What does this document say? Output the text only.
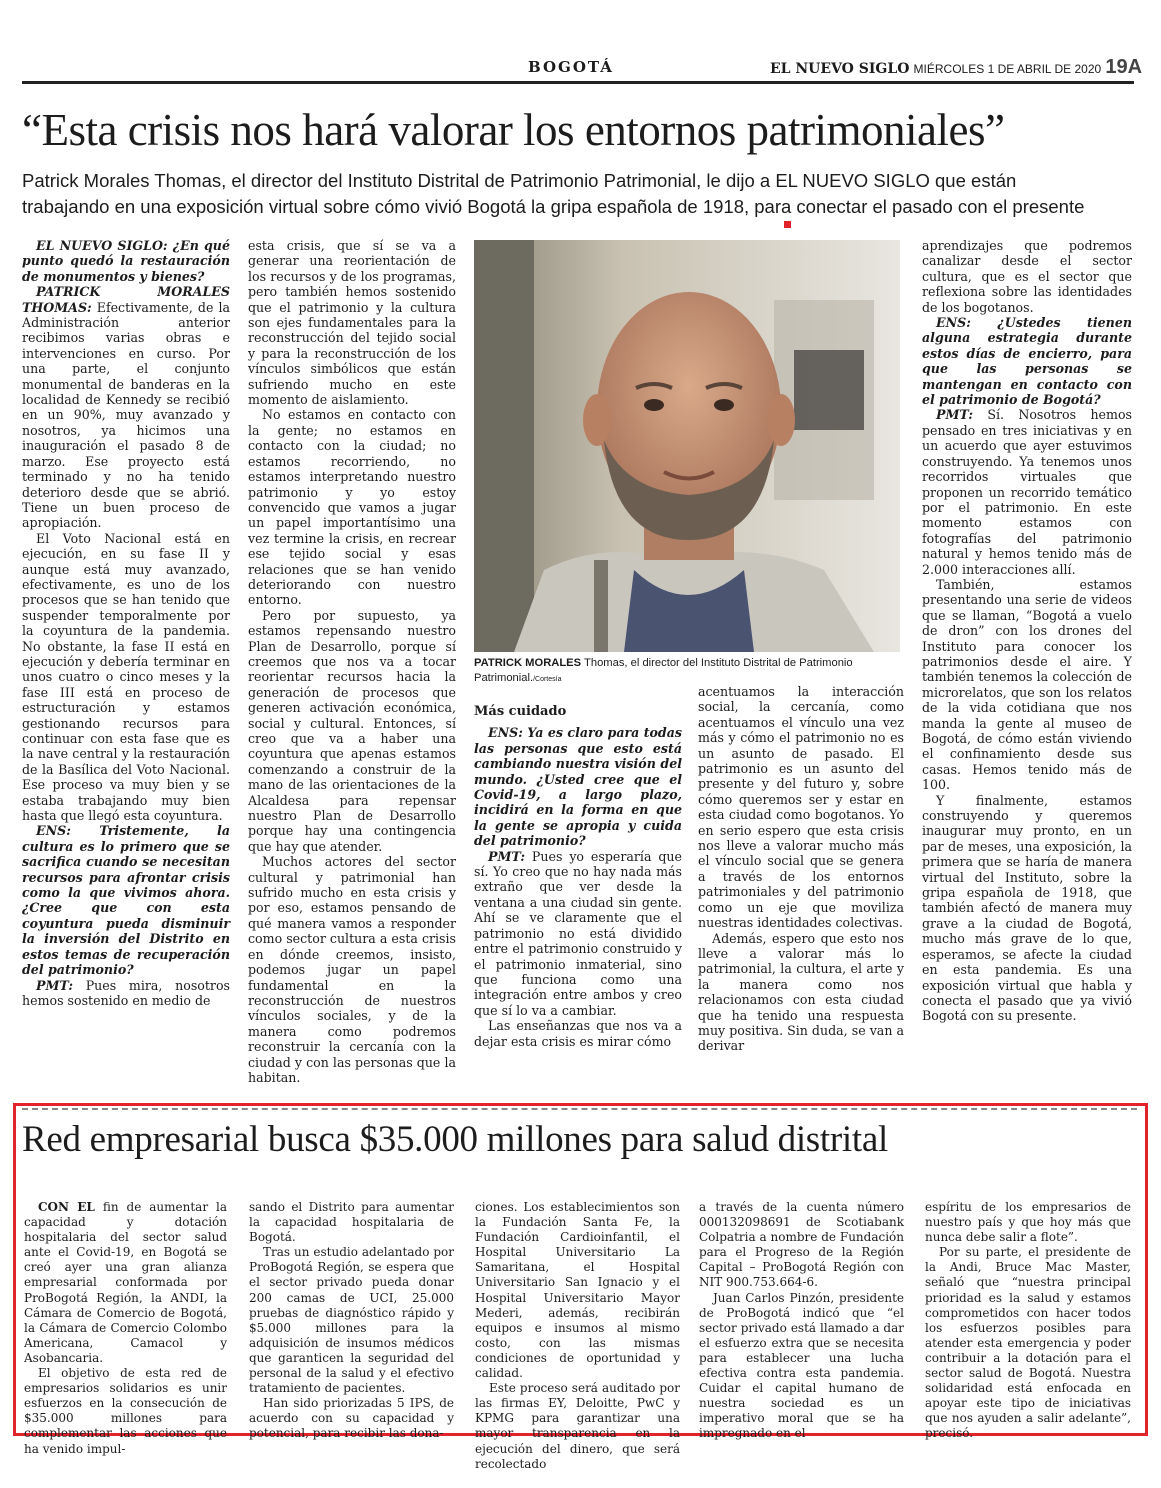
BOGOTÁ	EL NUEVO SIGLO MIÉRCOLES 1 DE ABRIL DE 2020 19A
“Esta crisis nos hará valorar los entornos patrimoniales”
Patrick Morales Thomas, el director del Instituto Distrital de Patrimonio Patrimonial, le dijo a EL NUEVO SIGLO que están
trabajando en una exposición virtual sobre cómo vivió Bogotá la gripa española de 1918, para conectar el pasado con el presente

EL NUEVO SIGLO: ¿En qué punto quedó la restauración de monumentos y bienes?

PATRICK MORALES THOMAS: Efectivamente, de la Administración anterior recibimos varias obras e intervenciones en curso. Por una parte, el conjunto monumental de banderas en la localidad de Kennedy se recibió en un 90%, muy avanzado y nosotros, ya hicimos una inauguración el pasado 8 de marzo. Ese proyecto está terminado y no ha tenido deterioro desde que se abrió. Tiene un buen proceso de apropiación.

El Voto Nacional está en ejecución, en su fase II y aunque está muy avanzado, efectivamente, es uno de los procesos que se han tenido que suspender temporalmente por la coyuntura de la pandemia. No obstante, la fase II está en ejecución y debería terminar en unos cuatro o cinco meses y la fase III está en proceso de estructuración y estamos gestionando recursos para continuar con esta fase que es la nave central y la restauración de la Basílica del Voto Nacional. Ese proceso va muy bien y se estaba trabajando muy bien hasta que llegó esta coyuntura.

ENS: Tristemente, la cultura es lo primero que se sacrifica cuando se necesitan recursos para afrontar crisis como la que vivimos ahora. ¿Cree que con esta coyuntura pueda disminuir la inversión del Distrito en estos temas de recuperación del patrimonio?

PMT: Pues mira, nosotros hemos sostenido en medio de

esta crisis, que sí se va a generar una reorientación de los recursos y de los programas, pero también hemos sostenido que el patrimonio y la cultura son ejes fundamentales para la reconstrucción del tejido social y para la reconstrucción de los vínculos simbólicos que están sufriendo mucho en este momento de aislamiento.

No estamos en contacto con la gente; no estamos en contacto con la ciudad; no estamos recorriendo, no estamos interpretando nuestro patrimonio y yo estoy convencido que vamos a jugar un papel importantísimo una vez termine la crisis, en recrear ese tejido social y esas relaciones que se han venido deteriorando con nuestro entorno.

Pero por supuesto, ya estamos repensando nuestro Plan de Desarrollo, porque sí creemos que nos va a tocar reorientar recursos hacia la generación de procesos que generen activación económica, social y cultural. Entonces, sí creo que va a haber una coyuntura que apenas estamos comenzando a construir de la mano de las orientaciones de la Alcaldesa para repensar nuestro Plan de Desarrollo porque hay una contingencia que hay que atender.

Muchos actores del sector cultural y patrimonial han sufrido mucho en esta crisis y por eso, estamos pensando de qué manera vamos a responder como sector cultura a esta crisis en dónde creemos, insisto, podemos jugar un papel fundamental en la reconstrucción de nuestros vínculos sociales, y de la manera como podremos reconstruir la cercanía con la ciudad y con las personas que la habitan.

PATRICK MORALES Thomas, el director del Instituto Distrital de Patrimonio Patrimonial./Cortesía
Más cuidado

ENS: Ya es claro para todas las personas que esto está cambiando nuestra visión del mundo. ¿Usted cree que el Covid-19, a largo plazo, incidirá en la forma en que la gente se apropia y cuida del patrimonio?

PMT: Pues yo esperaría que sí. Yo creo que no hay nada más extraño que ver desde la ventana a una ciudad sin gente. Ahí se ve claramente que el patrimonio no está dividido entre el patrimonio construido y el patrimonio inmaterial, sino que funciona como una integración entre ambos y creo que sí lo va a cambiar.

Las enseñanzas que nos va a dejar esta crisis es mirar cómo

acentuamos la interacción social, la cercanía, como acentuamos el vínculo una vez más y cómo el patrimonio no es un asunto de pasado. El patrimonio es un asunto del presente y del futuro y, sobre cómo queremos ser y estar en esta ciudad como bogotanos. Yo en serio espero que esta crisis nos lleve a valorar mucho más el vínculo social que se genera a través de los entornos patrimoniales y del patrimonio como un eje que moviliza nuestras identidades colectivas.

Además, espero que esto nos lleve a valorar más lo patrimonial, la cultura, el arte y la manera como nos relacionamos con esta ciudad que ha tenido una respuesta muy positiva. Sin duda, se van a derivar

aprendizajes que podremos canalizar desde el sector cultura, que es el sector que reflexiona sobre las identidades de los bogotanos.

ENS: ¿Ustedes tienen alguna estrategia durante estos días de encierro, para que las personas se mantengan en contacto con el patrimonio de Bogotá?

PMT: Sí. Nosotros hemos pensado en tres iniciativas y en un acuerdo que ayer estuvimos construyendo. Ya tenemos unos recorridos virtuales que proponen un recorrido temático por el patrimonio. En este momento estamos con fotografías del patrimonio natural y hemos tenido más de 2.000 interacciones allí.

También, estamos presentando una serie de videos que se llaman, “Bogotá a vuelo de dron” con los drones del Instituto para conocer los patrimonios desde el aire. Y también tenemos la colección de microrelatos, que son los relatos de la vida cotidiana que nos manda la gente al museo de Bogotá, de cómo están viviendo el confinamiento desde sus casas. Hemos tenido más de 100.

Y finalmente, estamos construyendo y queremos inaugurar muy pronto, en un par de meses, una exposición, la primera que se haría de manera virtual del Instituto, sobre la gripa española de 1918, que también afectó de manera muy grave a la ciudad de Bogotá, mucho más grave de lo que, esperamos, se afecte la ciudad en esta pandemia. Es una exposición virtual que habla y conecta el pasado que ya vivió Bogotá con su presente.

Red empresarial busca $35.000 millones para salud distrital

CON EL fin de aumentar la capacidad y dotación hospitalaria del sector salud ante el Covid-19, en Bogotá se creó ayer una gran alianza empresarial conformada por ProBogotá Región, la ANDI, la Cámara de Comercio de Bogotá, la Cámara de Comercio Colombo Americana, Camacol y Asobancaria.

El objetivo de esta red de empresarios solidarios es unir esfuerzos en la consecución de $35.000 millones para complementar las acciones que ha venido impul-

sando el Distrito para aumentar la capacidad hospitalaria de Bogotá.

Tras un estudio adelantado por ProBogotá Región, se espera que el sector privado pueda donar 200 camas de UCI, 25.000 pruebas de diagnóstico rápido y $5.000 millones para la adquisición de insumos médicos que garanticen la seguridad del personal de la salud y el efectivo tratamiento de pacientes.

Han sido priorizadas 5 IPS, de acuerdo con su capacidad y potencial, para recibir las dona-

ciones. Los establecimientos son la Fundación Santa Fe, la Fundación Cardioinfantil, el Hospital Universitario La Samaritana, el Hospital Universitario San Ignacio y el Hospital Universitario Mayor Mederi, además, recibirán equipos e insumos al mismo costo, con las mismas condiciones de oportunidad y calidad.

Este proceso será auditado por las firmas EY, Deloitte, PwC y KPMG para garantizar una mayor transparencia en la ejecución del dinero, que será recolectado

a través de la cuenta número 000132098691 de Scotiabank Colpatria a nombre de Fundación para el Progreso de la Región Capital – ProBogotá Región con NIT 900.753.664-6.

Juan Carlos Pinzón, presidente de ProBogotá indicó que “el sector privado está llamado a dar el esfuerzo extra que se necesita para establecer una lucha efectiva contra esta pandemia. Cuidar el capital humano de nuestra sociedad es un imperativo moral que se ha impregnado en el

espíritu de los empresarios de nuestro país y que hoy más que nunca debe salir a flote”.

Por su parte, el presidente de la Andi, Bruce Mac Master, señaló que “nuestra principal prioridad es la salud y estamos comprometidos con hacer todos los esfuerzos posibles para atender esta emergencia y poder contribuir a la dotación para el sector salud de Bogotá. Nuestra solidaridad está enfocada en apoyar este tipo de iniciativas que nos ayuden a salir adelante”, precisó.
